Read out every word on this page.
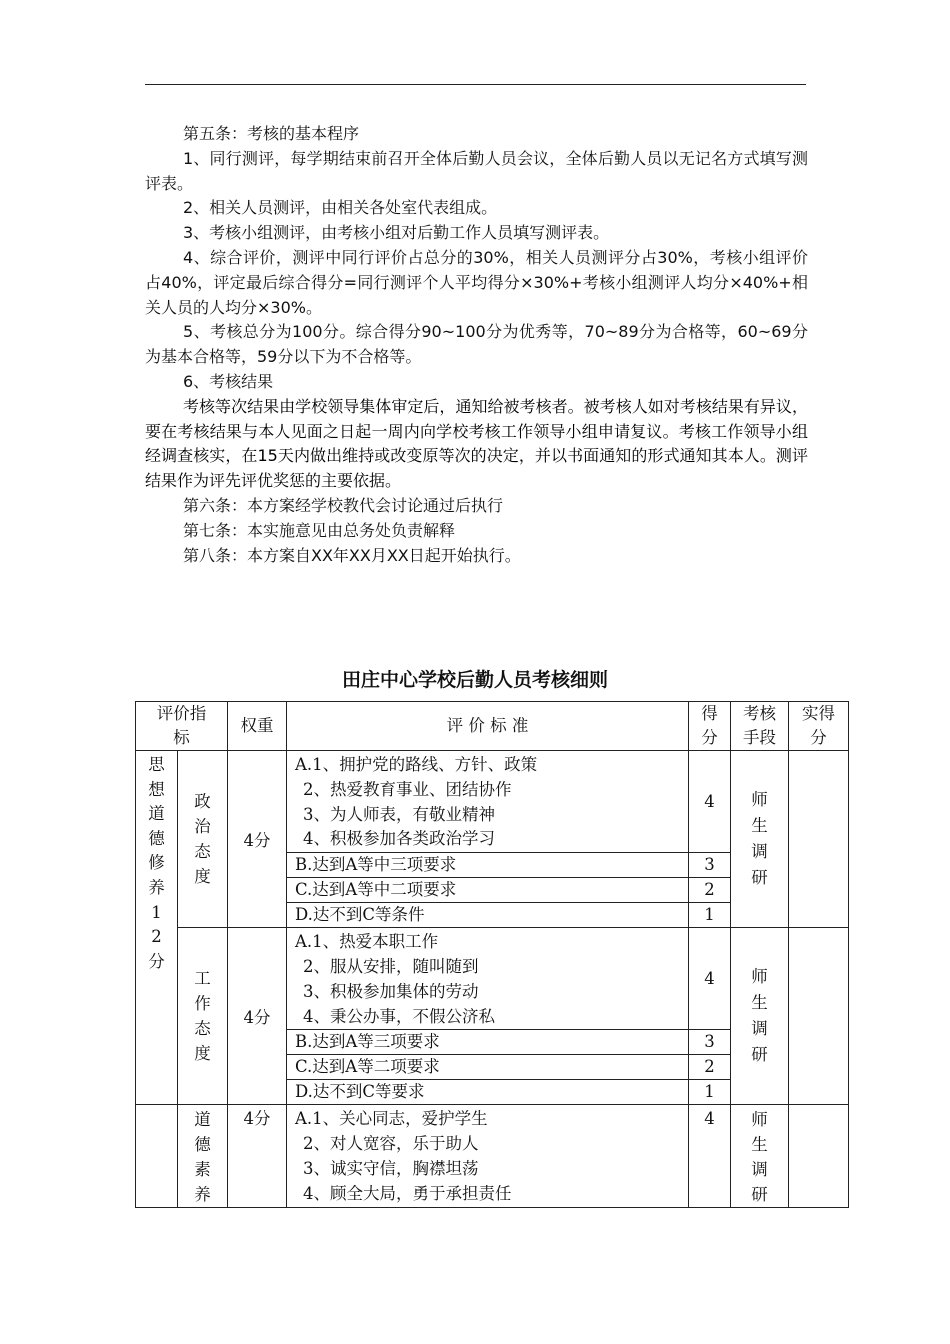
第五条：考核的基本程序

1、同行测评，每学期结束前召开全体后勤人员会议，全体后勤人员以无记名方式填写测评表。

2、相关人员测评，由相关各处室代表组成。

3、考核小组测评，由考核小组对后勤工作人员填写测评表。

4、综合评价，测评中同行评价占总分的30%，相关人员测评分占30%，考核小组评价占40%，评定最后综合得分=同行测评个人平均得分×30%+考核小组测评人均分×40%+相关人员的人均分×30%。

5、考核总分为100分。综合得分90~100分为优秀等，70~89分为合格等，60~69分为基本合格等，59分以下为不合格等。

6、考核结果

考核等次结果由学校领导集体审定后，通知给被考核者。被考核人如对考核结果有异议，要在考核结果与本人见面之日起一周内向学校考核工作领导小组申请复议。考核工作领导小组经调查核实，在15天内做出维持或改变原等次的决定，并以书面通知的形式通知其本人。测评结果作为评先评优奖惩的主要依据。

第六条：本方案经学校教代会讨论通过后执行

第七条：本实施意见由总务处负责解释

第八条：本方案自XX年XX月XX日起开始执行。

田庄中心学校后勤人员考核细则
评价指标		权重	评 价 标 准	得分	考核手段	实得分

思想道德修养12分	政治态度	4分	A.1、拥护党的路线、方针、政策
2、热爱教育事业、团结协作
3、为人师表，有敬业精神
4、积极参加各类政治学习	4	师生调研	

			B.达到A等中三项要求	3		
			C.达到A等中二项要求	2		
			D.达不到C等条件	1		

	工作态度	4分	A.1、热爱本职工作
2、服从安排，随叫随到
3、积极参加集体的劳动
4、秉公办事，不假公济私	4	师生调研	

			B.达到A等三项要求	3		
			C.达到A等二项要求	2		
			D.达不到C等要求	1		

	道德素养	4分	A.1、关心同志，爱护学生
2、对人宽容，乐于助人
3、诚实守信，胸襟坦荡
4、顾全大局，勇于承担责任	4	师生调研	
